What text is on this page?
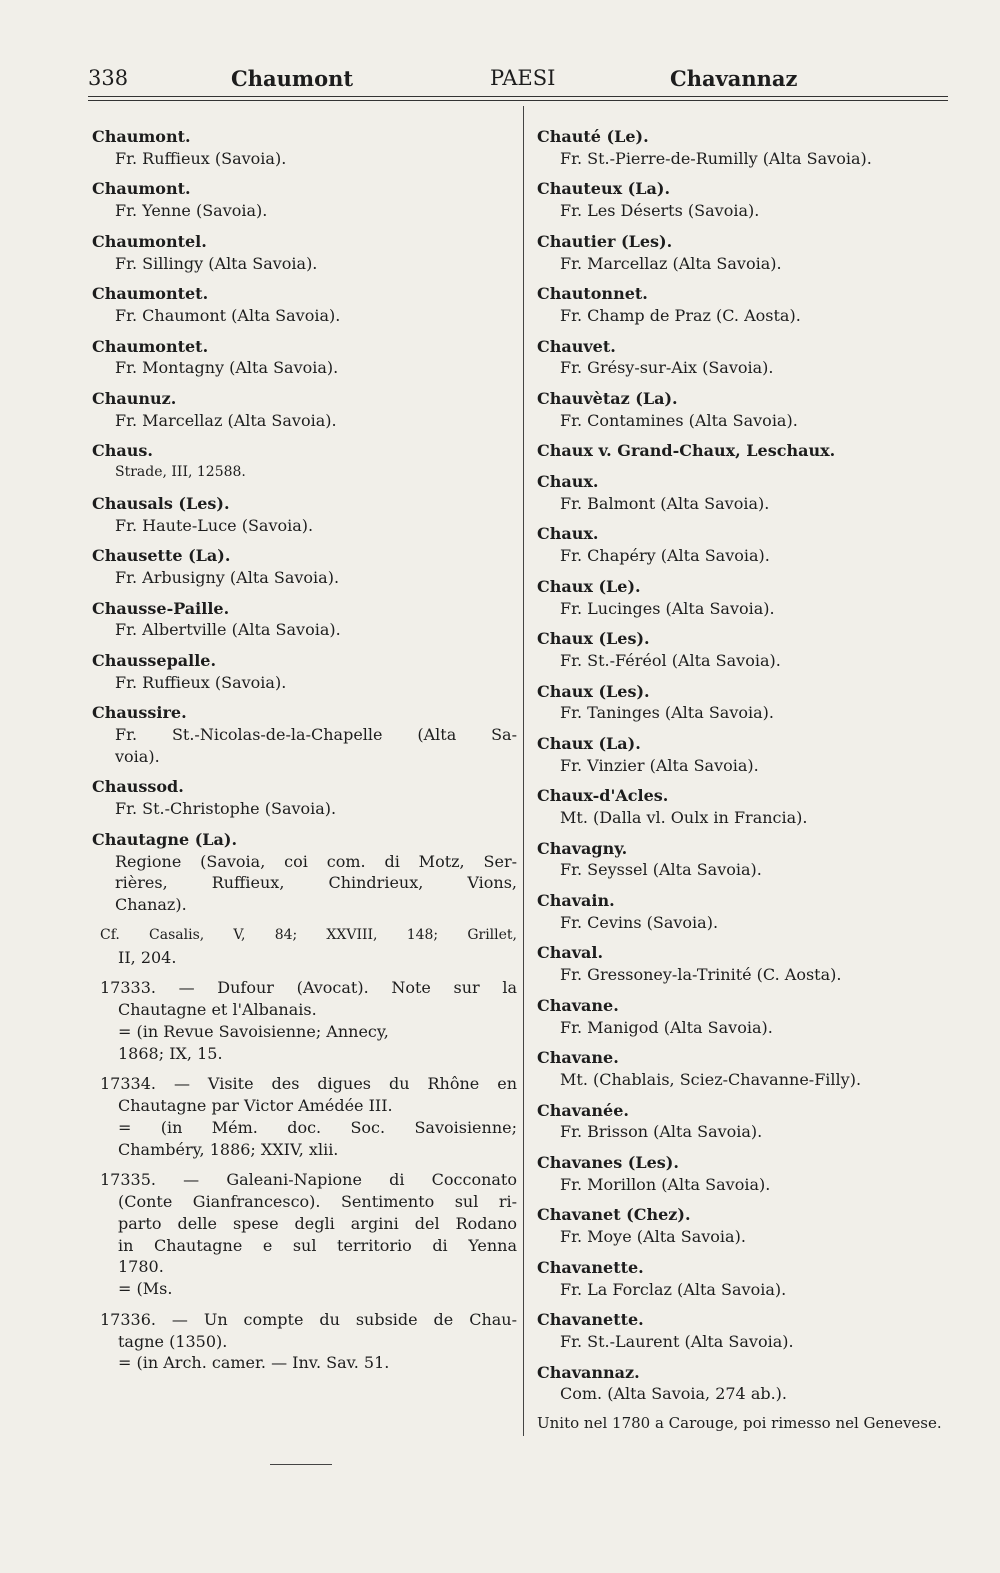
338	Chaumont	PAESI	Chavannaz
Chaumont.
Fr. Ruffieux (Savoia).
Chaumont.
Fr. Yenne (Savoia).
Chaumontel.
Fr. Sillingy (Alta Savoia).
Chaumontet.
Fr. Chaumont (Alta Savoia).
Chaumontet.
Fr. Montagny (Alta Savoia).
Chaunuz.
Fr. Marcellaz (Alta Savoia).
Chaus.
Strade, III, 12588.
Chausals (Les).
Fr. Haute-Luce (Savoia).
Chausette (La).
Fr. Arbusigny (Alta Savoia).
Chausse-Paille.
Fr. Albertville (Alta Savoia).
Chaussepalle.
Fr. Ruffieux (Savoia).
Chaussire.
Fr. St.-Nicolas-de-la-Chapelle (Alta Sa-
voia).
Chaussod.
Fr. St.-Christophe (Savoia).
Chautagne (La).
Regione (Savoia, coi com. di Motz, Ser-
rières, Ruffieux, Chindrieux, Vions,
Chanaz).
Cf. Casalis, V, 84; XXVIII, 148; Grillet,
II, 204.
17333. — Dufour (Avocat). Note sur la
Chautagne et l'Albanais.
= (in Revue Savoisienne; Annecy,
1868; IX, 15.
17334. — Visite des digues du Rhône en
Chautagne par Victor Amédée III.
= (in Mém. doc. Soc. Savoisienne;
Chambéry, 1886; XXIV, xlii.
17335. — Galeani-Napione di Cocconato
(Conte Gianfrancesco). Sentimento sul ri-
parto delle spese degli argini del Rodano
in Chautagne e sul territorio di Yenna
1780.
= (Ms.
17336. — Un compte du subside de Chau-
tagne (1350).
= (in Arch. camer. — Inv. Sav. 51.
Chauté (Le).
Fr. St.-Pierre-de-Rumilly (Alta Savoia).
Chauteux (La).
Fr. Les Déserts (Savoia).
Chautier (Les).
Fr. Marcellaz (Alta Savoia).
Chautonnet.
Fr. Champ de Praz (C. Aosta).
Chauvet.
Fr. Grésy-sur-Aix (Savoia).
Chauvètaz (La).
Fr. Contamines (Alta Savoia).
Chaux v. Grand-Chaux, Leschaux.
Chaux.
Fr. Balmont (Alta Savoia).
Chaux.
Fr. Chapéry (Alta Savoia).
Chaux (Le).
Fr. Lucinges (Alta Savoia).
Chaux (Les).
Fr. St.-Féréol (Alta Savoia).
Chaux (Les).
Fr. Taninges (Alta Savoia).
Chaux (La).
Fr. Vinzier (Alta Savoia).
Chaux-d'Acles.
Mt. (Dalla vl. Oulx in Francia).
Chavagny.
Fr. Seyssel (Alta Savoia).
Chavain.
Fr. Cevins (Savoia).
Chaval.
Fr. Gressoney-la-Trinité (C. Aosta).
Chavane.
Fr. Manigod (Alta Savoia).
Chavane.
Mt. (Chablais, Sciez-Chavanne-Filly).
Chavanée.
Fr. Brisson (Alta Savoia).
Chavanes (Les).
Fr. Morillon (Alta Savoia).
Chavanet (Chez).
Fr. Moye (Alta Savoia).
Chavanette.
Fr. La Forclaz (Alta Savoia).
Chavanette.
Fr. St.-Laurent (Alta Savoia).
Chavannaz.
Com. (Alta Savoia, 274 ab.).
Unito nel 1780 a Carouge, poi rimesso nel Genevese.
